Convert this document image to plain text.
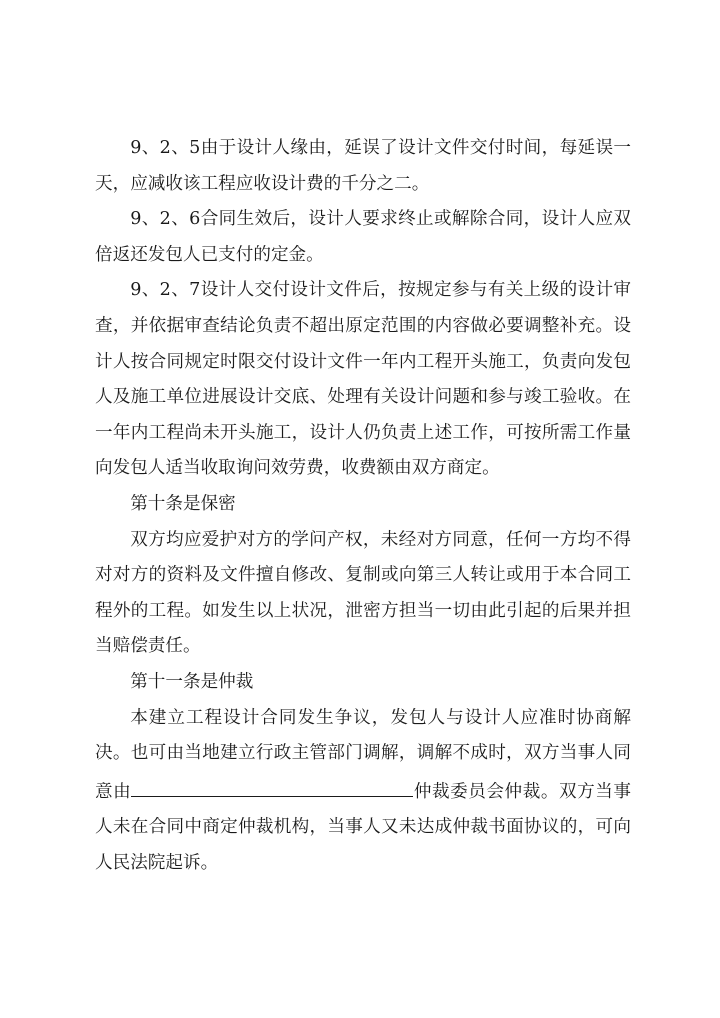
9、2、5由于设计人缘由，延误了设计文件交付时间，每延误一天，应减收该工程应收设计费的千分之二。

9、2、6合同生效后，设计人要求终止或解除合同，设计人应双倍返还发包人已支付的定金。

9、2、7设计人交付设计文件后，按规定参与有关上级的设计审查，并依据审查结论负责不超出原定范围的内容做必要调整补充。设计人按合同规定时限交付设计文件一年内工程开头施工，负责向发包人及施工单位进展设计交底、处理有关设计问题和参与竣工验收。在一年内工程尚未开头施工，设计人仍负责上述工作，可按所需工作量向发包人适当收取询问效劳费，收费额由双方商定。

第十条是保密

双方均应爱护对方的学问产权，未经对方同意，任何一方均不得对对方的资料及文件擅自修改、复制或向第三人转让或用于本合同工程外的工程。如发生以上状况，泄密方担当一切由此引起的后果并担当赔偿责任。

第十一条是仲裁

本建立工程设计合同发生争议，发包人与设计人应准时协商解决。也可由当地建立行政主管部门调解，调解不成时，双方当事人同意由	仲裁委员会仲裁。双方当事人未在合同中商定仲裁机构，当事人又未达成仲裁书面协议的，可向人民法院起诉。
